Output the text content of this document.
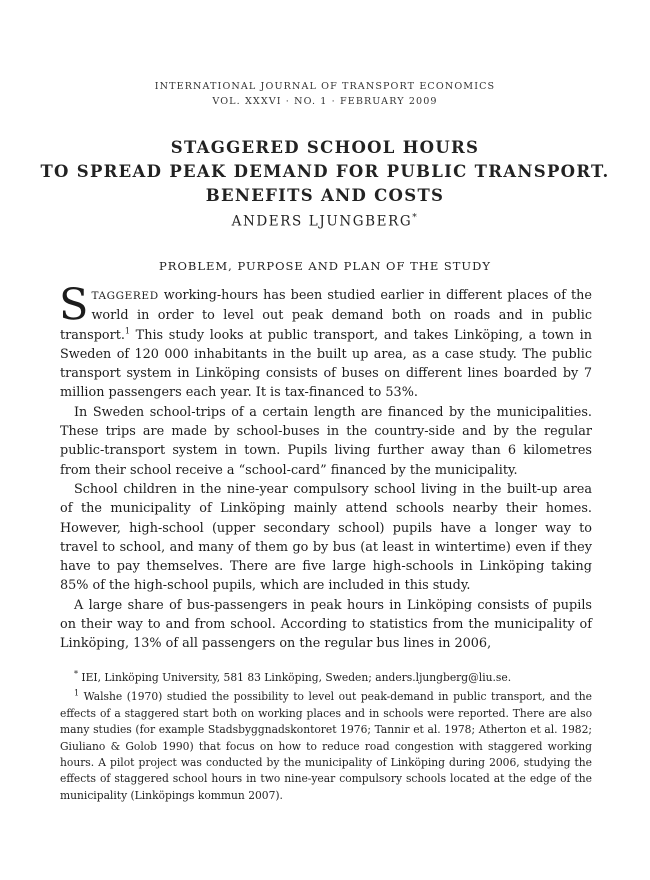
INTERNATIONAL JOURNAL OF TRANSPORT ECONOMICS
VOL. XXXVI · NO. 1 · FEBRUARY 2009
STAGGERED SCHOOL HOURS
TO SPREAD PEAK DEMAND FOR PUBLIC TRANSPORT.
BENEFITS AND COSTS
ANDERS LJUNGBERG*
PROBLEM, PURPOSE AND PLAN OF THE STUDY

STAGGERED working-hours has been studied earlier in different places of the world in order to level out peak demand both on roads and in public transport.$^1$ This study looks at public transport, and takes Linköping, a town in Sweden of 120 000 inhabitants in the built up area, as a case study. The public transport system in Linköping consists of buses on different lines boarded by 7 million passengers each year. It is tax-financed to 53%.

In Sweden school-trips of a certain length are financed by the municipalities. These trips are made by school-buses in the country-side and by the regular public-transport system in town. Pupils living further away than 6 kilometres from their school receive a “school-card” financed by the municipality.

School children in the nine-year compulsory school living in the built-up area of the municipality of Linköping mainly attend schools nearby their homes. However, high-school (upper secondary school) pupils have a longer way to travel to school, and many of them go by bus (at least in wintertime) even if they have to pay themselves. There are five large high-schools in Linköping taking 85% of the high-school pupils, which are included in this study.

A large share of bus-passengers in peak hours in Linköping consists of pupils on their way to and from school. According to statistics from the municipality of Linköping, 13% of all passengers on the regular bus lines in 2006,

* IEI, Linköping University, 581 83 Linköping, Sweden; anders.ljungberg@liu.se.

$^1$ Walshe (1970) studied the possibility to level out peak-demand in public transport, and the effects of a staggered start both on working places and in schools were reported. There are also many studies (for example Stadsbyggnadskontoret 1976; Tannir et al. 1978; Atherton et al. 1982; Giuliano & Golob 1990) that focus on how to reduce road congestion with staggered working hours. A pilot project was conducted by the municipality of Linköping during 2006, studying the effects of staggered school hours in two nine-year compulsory schools located at the edge of the municipality (Linköpings kommun 2007).
